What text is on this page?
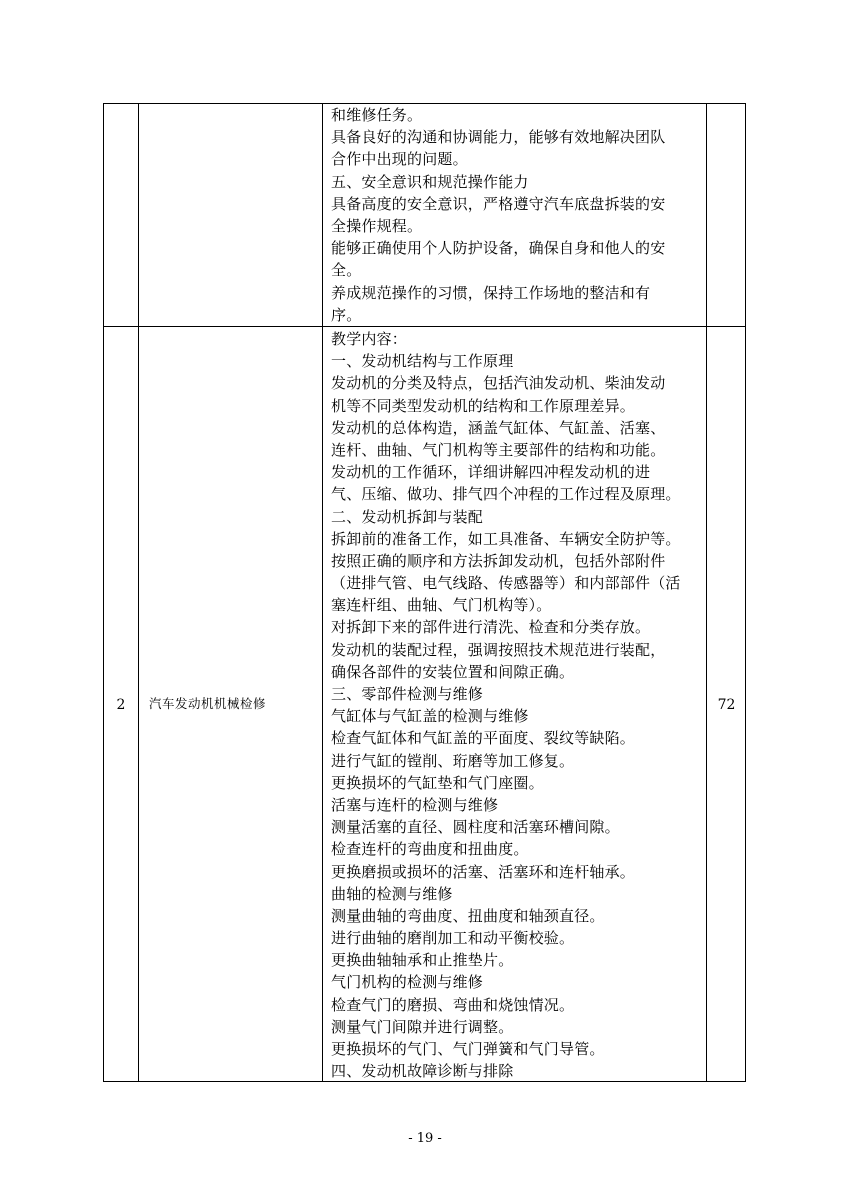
和维修任务。
具备良好的沟通和协调能力，能够有效地解决团队
合作中出现的问题。
五、安全意识和规范操作能力
具备高度的安全意识，严格遵守汽车底盘拆装的安
全操作规程。
能够正确使用个人防护设备，确保自身和他人的安
全。
养成规范操作的习惯，保持工作场地的整洁和有
序。
2 汽车发动机机械检修
教学内容：
一、发动机结构与工作原理
发动机的分类及特点，包括汽油发动机、柴油发动
机等不同类型发动机的结构和工作原理差异。
发动机的总体构造，涵盖气缸体、气缸盖、活塞、
连杆、曲轴、气门机构等主要部件的结构和功能。
发动机的工作循环，详细讲解四冲程发动机的进
气、压缩、做功、排气四个冲程的工作过程及原理。
二、发动机拆卸与装配
拆卸前的准备工作，如工具准备、车辆安全防护等。
按照正确的顺序和方法拆卸发动机，包括外部附件
（进排气管、电气线路、传感器等）和内部部件（活
塞连杆组、曲轴、气门机构等）。
对拆卸下来的部件进行清洗、检查和分类存放。
发动机的装配过程，强调按照技术规范进行装配，
确保各部件的安装位置和间隙正确。
三、零部件检测与维修
气缸体与气缸盖的检测与维修
检查气缸体和气缸盖的平面度、裂纹等缺陷。
进行气缸的镗削、珩磨等加工修复。
更换损坏的气缸垫和气门座圈。
活塞与连杆的检测与维修
测量活塞的直径、圆柱度和活塞环槽间隙。
检查连杆的弯曲度和扭曲度。
更换磨损或损坏的活塞、活塞环和连杆轴承。
曲轴的检测与维修
测量曲轴的弯曲度、扭曲度和轴颈直径。
进行曲轴的磨削加工和动平衡校验。
更换曲轴轴承和止推垫片。
气门机构的检测与维修
检查气门的磨损、弯曲和烧蚀情况。
测量气门间隙并进行调整。
更换损坏的气门、气门弹簧和气门导管。
四、发动机故障诊断与排除
72
- 19 -
